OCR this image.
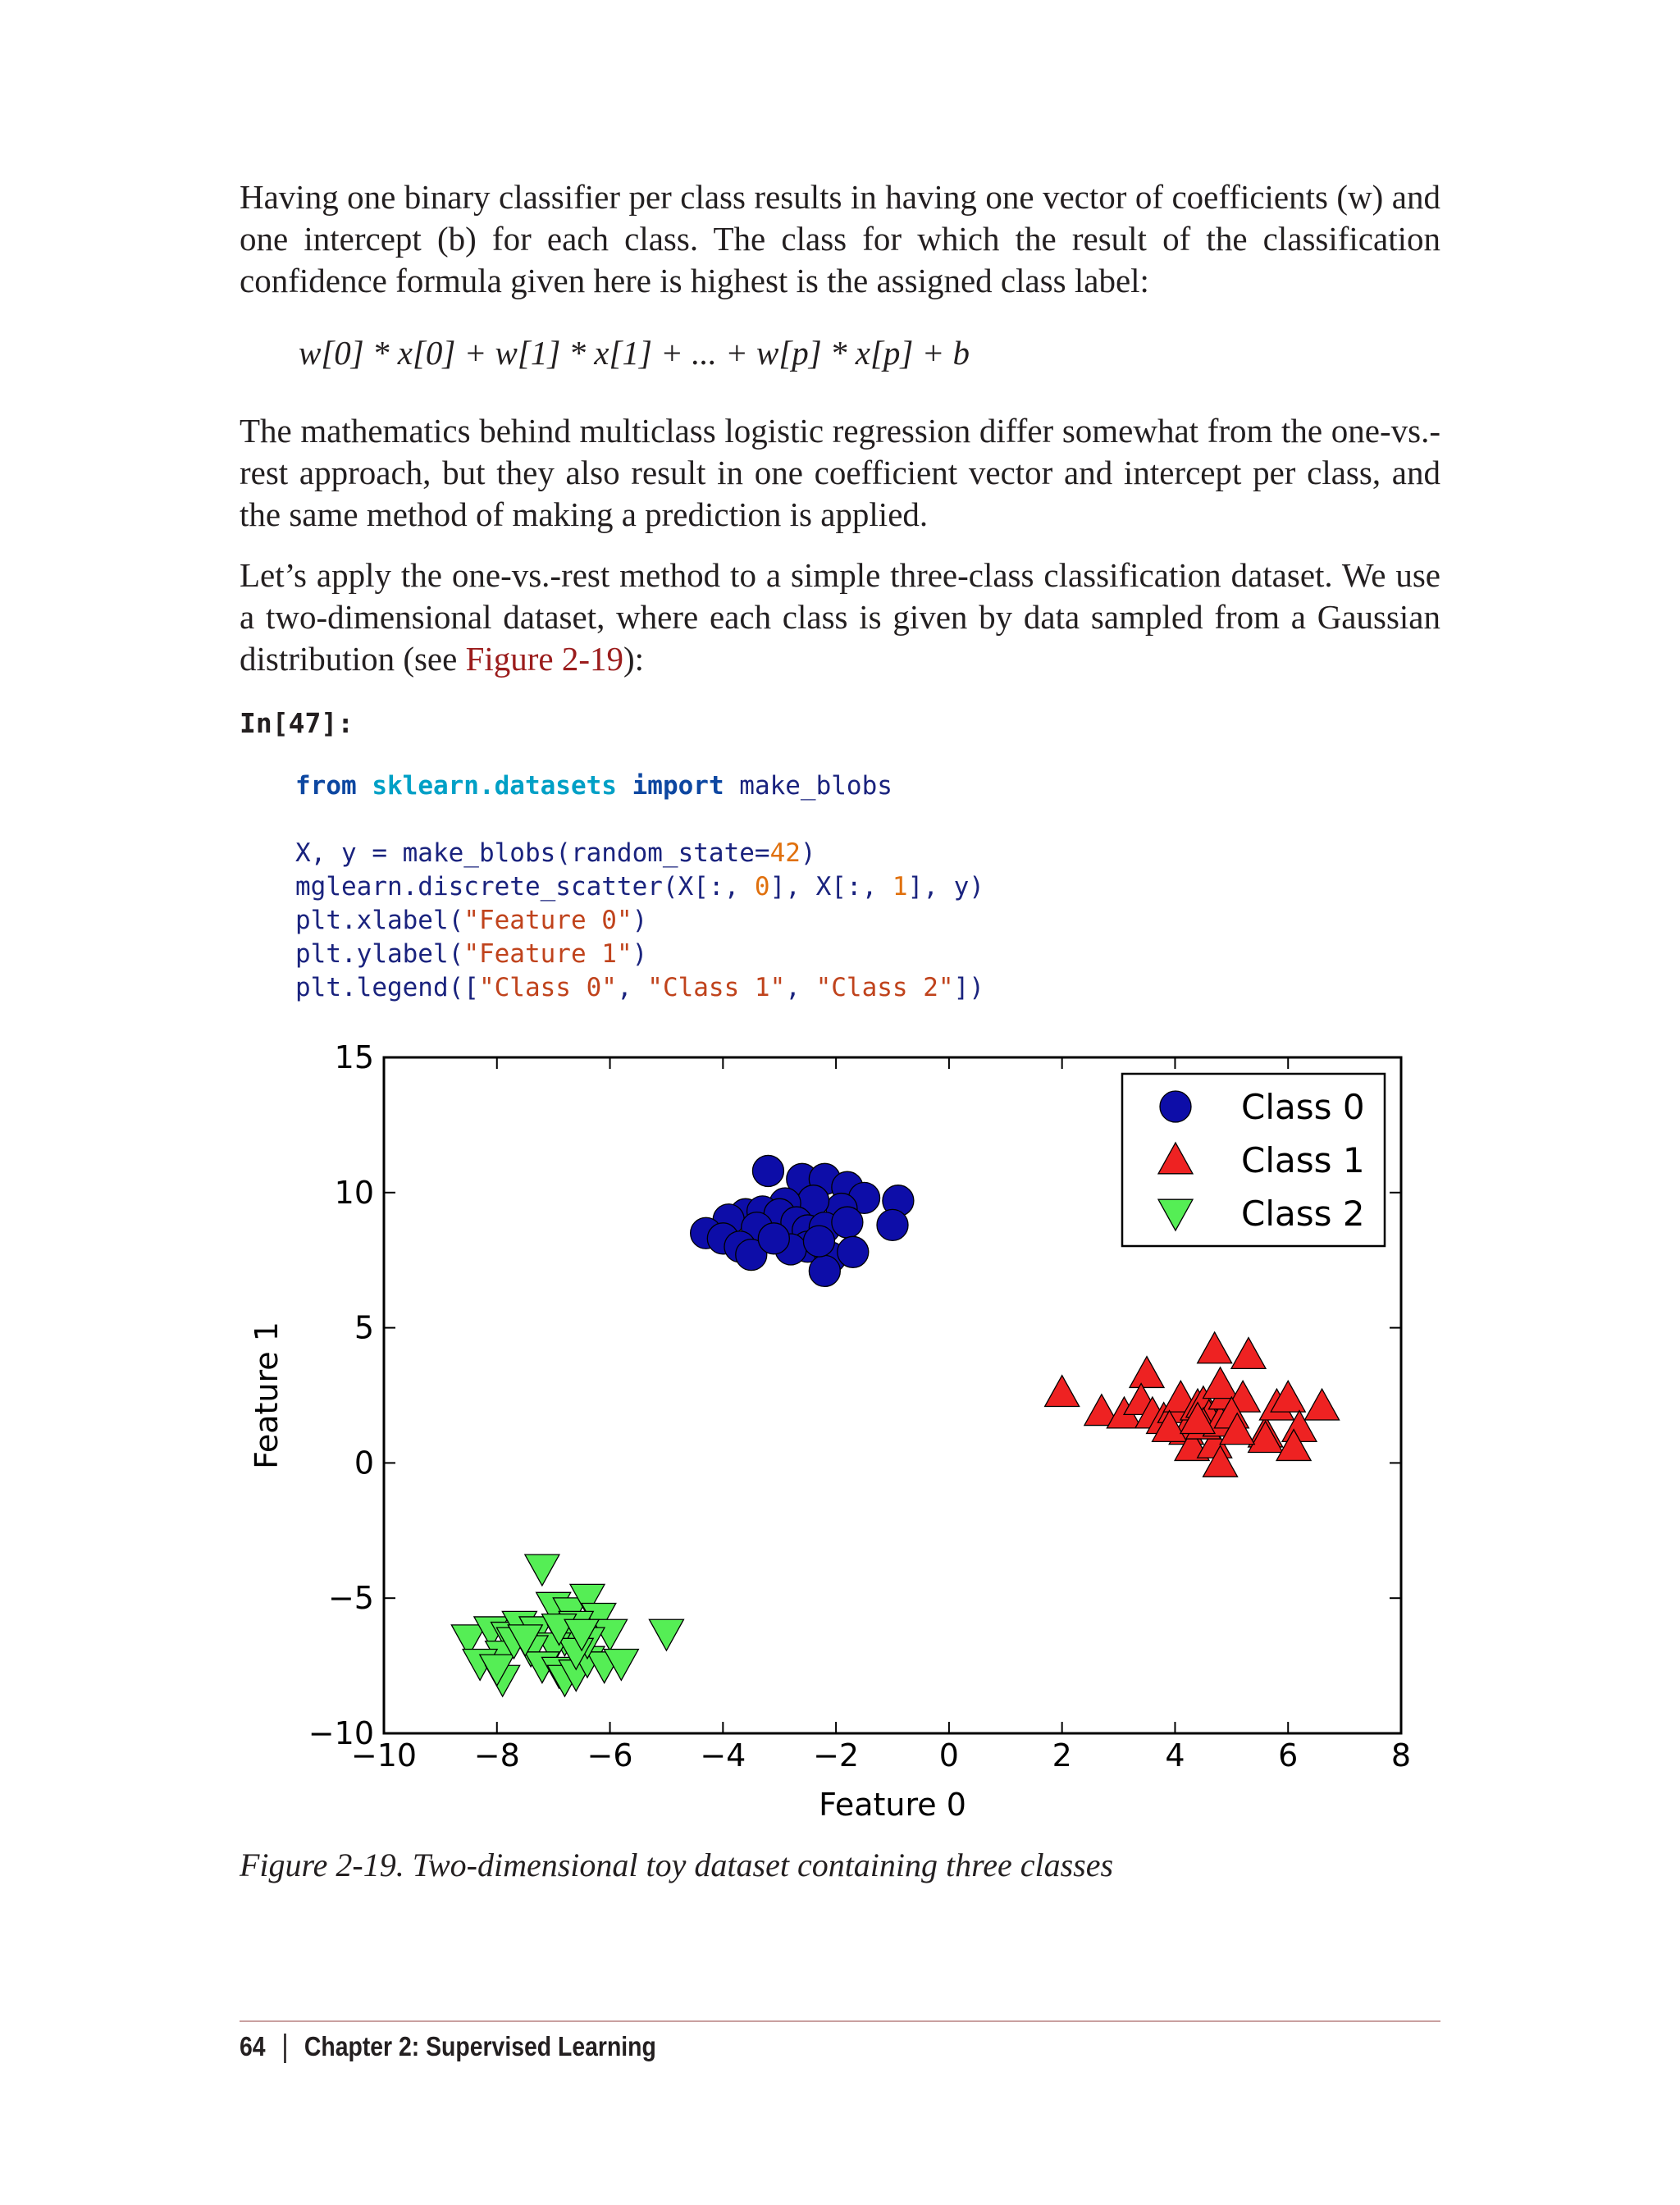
Having one binary classifier per class results in having one vector of coefficients (w) and one intercept (b) for each class. The class for which the result of the classification confidence formula given here is highest is the assigned class label:

w[0] * x[0] + w[1] * x[1] + ... + w[p] * x[p] + b

The mathematics behind multiclass logistic regression differ somewhat from the one-vs.-rest approach, but they also result in one coefficient vector and intercept per class, and the same method of making a prediction is applied.

Let’s apply the one-vs.-rest method to a simple three-class classification dataset. We use a two-dimensional dataset, where each class is given by data sampled from a Gaussian distribution (see Figure 2-19):

In[47]:
from sklearn.datasets import make_blobs

X, y = make_blobs(random_state=42)
mglearn.discrete_scatter(X[:, 0], X[:, 1], y)
plt.xlabel("Feature 0")
plt.ylabel("Feature 1")
plt.legend(["Class 0", "Class 1", "Class 2"])
−10 −8 −6 −4 −2	0	2	4	6	8
−10
−5
0
5
10
15
Feature 0
Feature 1
Class 0
Class 1
Class 2
Figure 2-19. Two-dimensional toy dataset containing three classes
64 Chapter 2: Supervised Learning
